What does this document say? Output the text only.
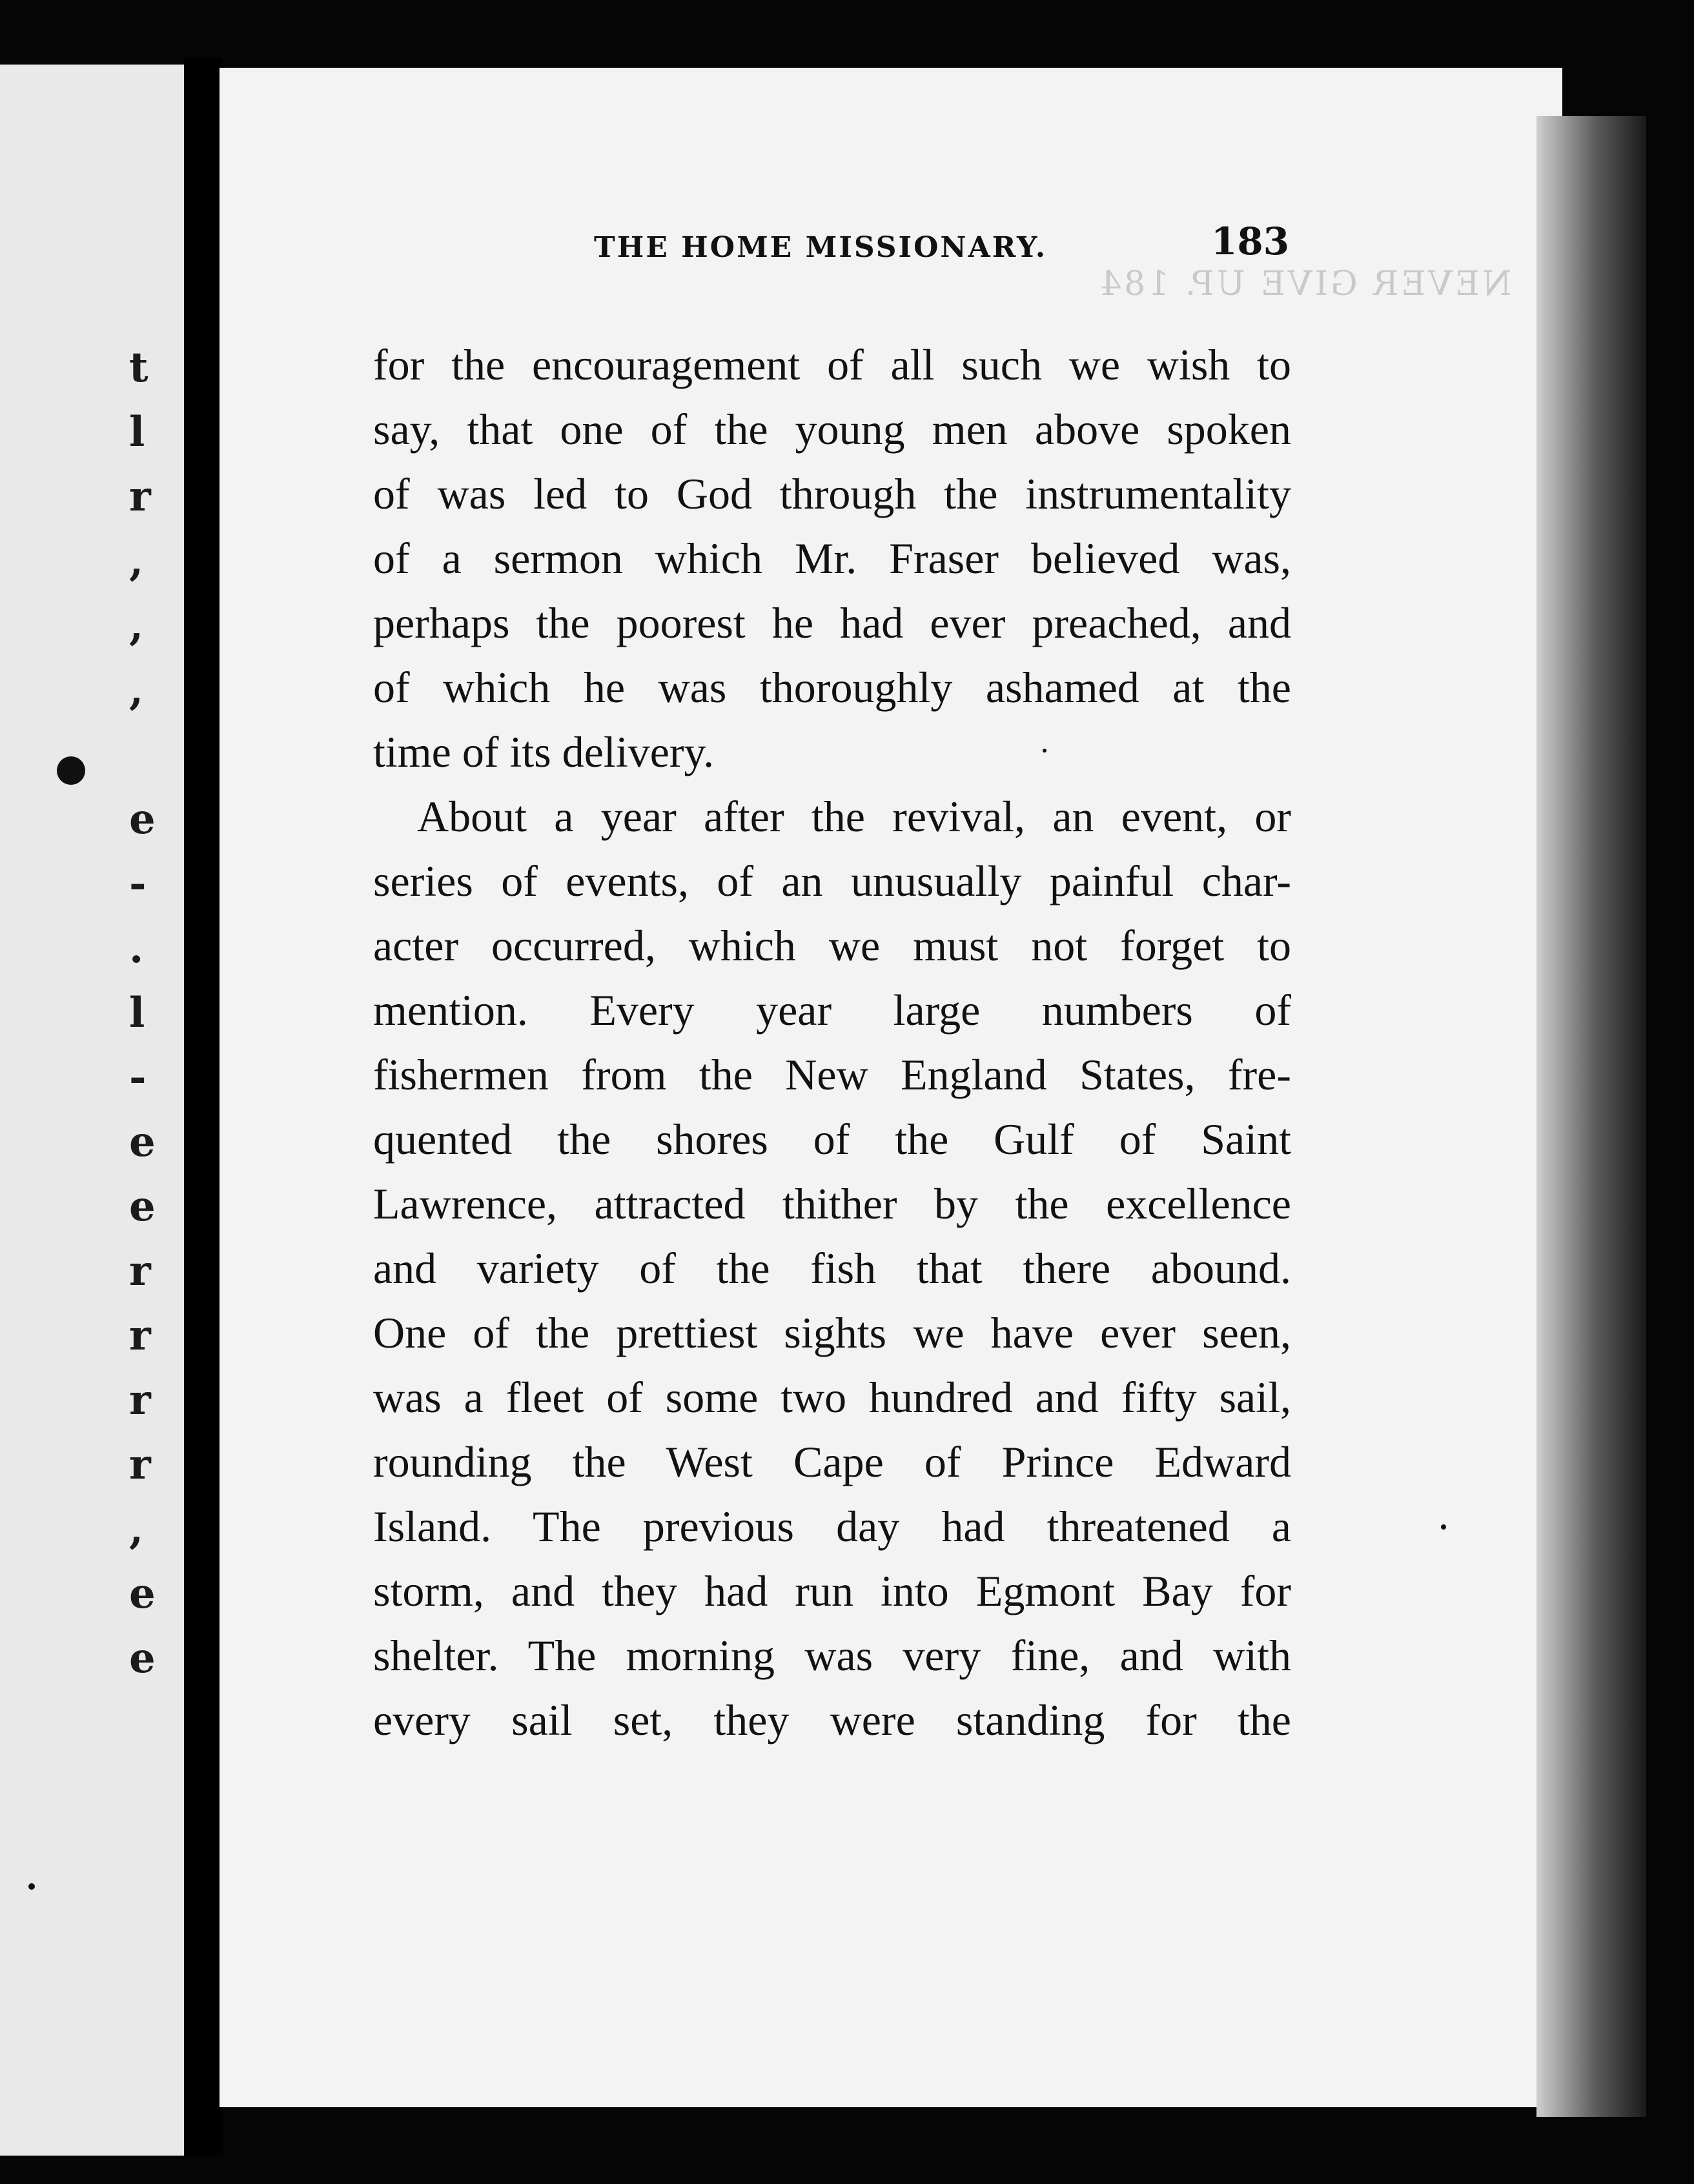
t
l
r
,
,
,
e
-
.
l
-
e
e
r
r
r
r
,
e
e
NEVER GIVE UP. 184
THE HOME MISSIONARY.	183
for the encouragement of all such we wish to
say, that one of the young men above spoken
of was led to God through the instrumentality
of a sermon which Mr. Fraser believed was,
perhaps the poorest he had ever preached, and
of which he was thoroughly ashamed at the
time of its delivery.
About a year after the revival, an event, or
series of events, of an unusually painful char-
acter occurred, which we must not forget to
mention. Every year large numbers of
fishermen from the New England States, fre-
quented the shores of the Gulf of Saint
Lawrence, attracted thither by the excellence
and variety of the fish that there abound.
One of the prettiest sights we have ever seen,
was a fleet of some two hundred and fifty sail,
rounding the West Cape of Prince Edward
Island. The previous day had threatened a
storm, and they had run into Egmont Bay for
shelter. The morning was very fine, and with
every sail set, they were standing for the
